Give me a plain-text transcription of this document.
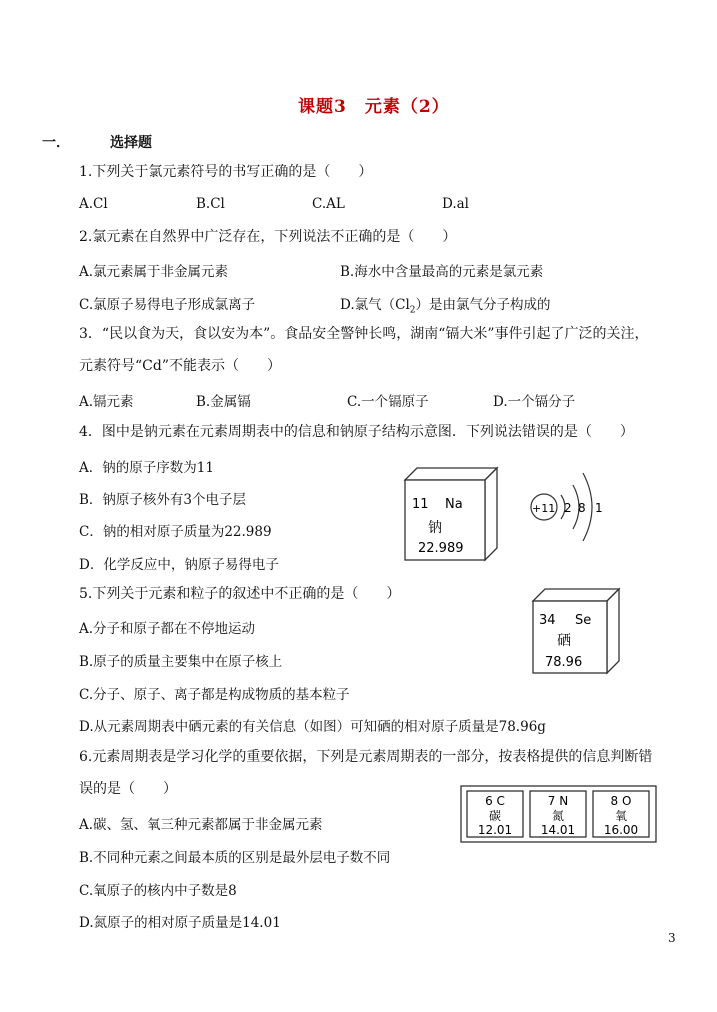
课题3　元素（2）
一．	选择题
1.下列关于氯元素符号的书写正确的是（　　）
A.Cl	B.Cl	C.AL	D.al
2.氯元素在自然界中广泛存在，下列说法不正确的是（　　）
A.氯元素属于非金属元素	B.海水中含量最高的元素是氯元素
C.氯原子易得电子形成氯离子	D.氯气$(Cl_2)$是由氯气分子构成的
3．“民以食为天，食以安为本”。食品安全警钟长鸣，湖南“镉大米”事件引起了广泛的关注，
元素符号“Cd”不能表示（　　）
A.镉元素	B.金属镉	C.一个镉原子	D.一个镉分子
4．图中是钠元素在元素周期表中的信息和钠原子结构示意图．下列说法错误的是（　　）
A．钠的原子序数为11
B．钠原子核外有3个电子层
C．钠的相对原子质量为22.989
D．化学反应中，钠原子易得电子
11 Na
钠
22.989
+11 2 8 1
5.下列关于元素和粒子的叙述中不正确的是（　　）
A.分子和原子都在不停地运动
B.原子的质量主要集中在原子核上
C.分子、原子、离子都是构成物质的基本粒子
D.从元素周期表中硒元素的有关信息（如图）可知硒的相对原子质量是78.96g
34 Se
硒
78.96
6.元素周期表是学习化学的重要依据，下列是元素周期表的一部分，按表格提供的信息判断错
误的是（　　）
A.碳、氢、氧三种元素都属于非金属元素
B.不同种元素之间最本质的区别是最外层电子数不同
C.氧原子的核内中子数是8
D.氮原子的相对原子质量是14.01
6 C
碳
12.01
7 N
氮
14.01
8 O
氧
16.00
3
